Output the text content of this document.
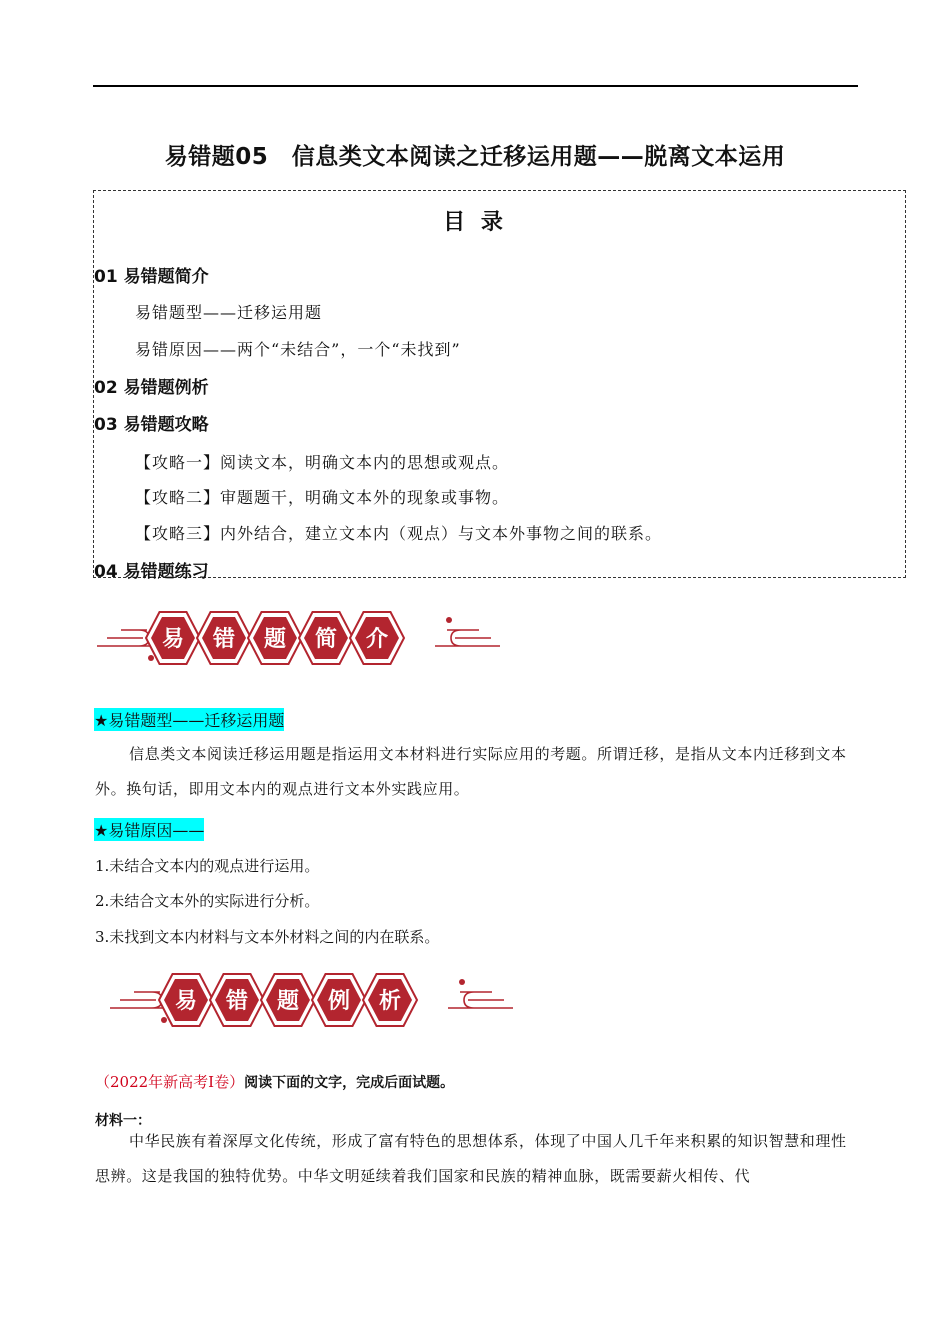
易错题05　信息类文本阅读之迁移运用题——脱离文本运用
目 录
01 易错题简介
易错题型——迁移运用题
易错原因——两个“未结合”，一个“未找到”
02 易错题例析
03 易错题攻略
【攻略一】阅读文本，明确文本内的思想或观点。
【攻略二】审题题干，明确文本外的现象或事物。
【攻略三】内外结合，建立文本内（观点）与文本外事物之间的联系。
04 易错题练习
易 错 题 简 介
★易错题型——迁移运用题
信息类文本阅读迁移运用题是指运用文本材料进行实际应用的考题。所谓迁移，是指从文本内迁移到文本外。换句话，即用文本内的观点进行文本外实践应用。
★易错原因——
1.未结合文本内的观点进行运用。
2.未结合文本外的实际进行分析。
3.未找到文本内材料与文本外材料之间的内在联系。
易 错 题 例 析
（2022年新高考Ⅰ卷）阅读下面的文字，完成后面试题。
材料一：
中华民族有着深厚文化传统，形成了富有特色的思想体系，体现了中国人几千年来积累的知识智慧和理性思辨。这是我国的独特优势。中华文明延续着我们国家和民族的精神血脉，既需要薪火相传、代
